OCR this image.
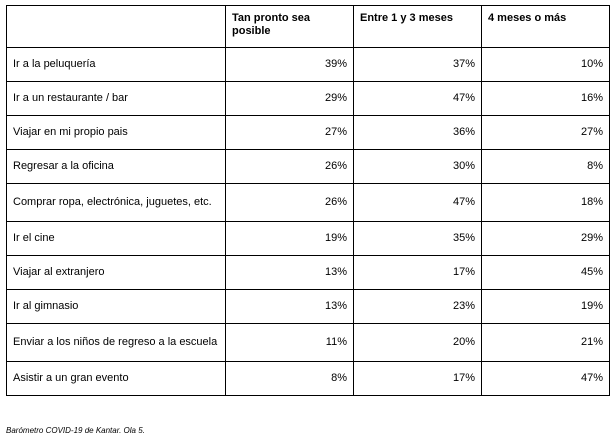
	Tan pronto sea posible	Entre 1 y 3 meses	4 meses o más
Ir a la peluquería	39%	37%	10%
Ir a un restaurante / bar	29%	47%	16%
Viajar en mi propio pais	27%	36%	27%
Regresar a la oficina	26%	30%	8%
Comprar ropa, electrónica, juguetes, etc.	26%	47%	18%
Ir el cine	19%	35%	29%
Viajar al extranjero	13%	17%	45%
Ir al gimnasio	13%	23%	19%
Enviar a los niños de regreso a la escuela	11%	20%	21%
Asistir a un gran evento	8%	17%	47%
Barómetro COVID-19 de Kantar. Ola 5.
